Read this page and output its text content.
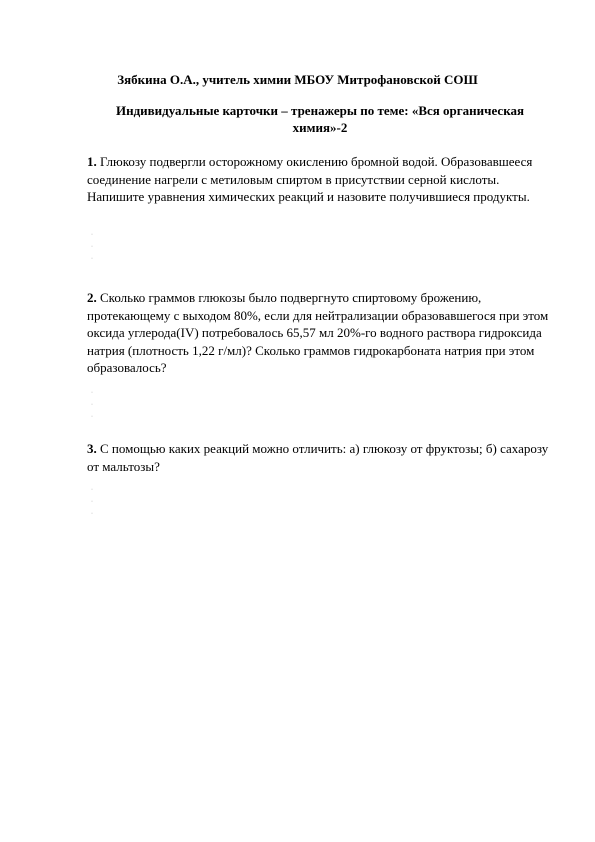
Зябкина О.А., учитель химии МБОУ Митрофановской СОШ
Индивидуальные карточки – тренажеры по теме: «Вся органическая химия»-2
1. Глюкозу подвергли осторожному окислению бромной водой. Образовавшееся соединение нагрели с метиловым спиртом в присутствии серной кислоты. Напишите уравнения химических реакций и назовите получившиеся продукты.
·
·
·
2. Сколько граммов глюкозы было подвергнуто спиртовому брожению, протекающему с выходом 80%, если для нейтрализации образовавшегося при этом оксида углерода(IV) потребовалось 65,57 мл 20%-го водного раствора гидроксида натрия (плотность 1,22 г/мл)? Сколько граммов гидрокарбоната натрия при этом образовалось?
·
·
·
3. С помощью каких реакций можно отличить: а) глюкозу от фруктозы; б) сахарозу от мальтозы?
·
·
·
